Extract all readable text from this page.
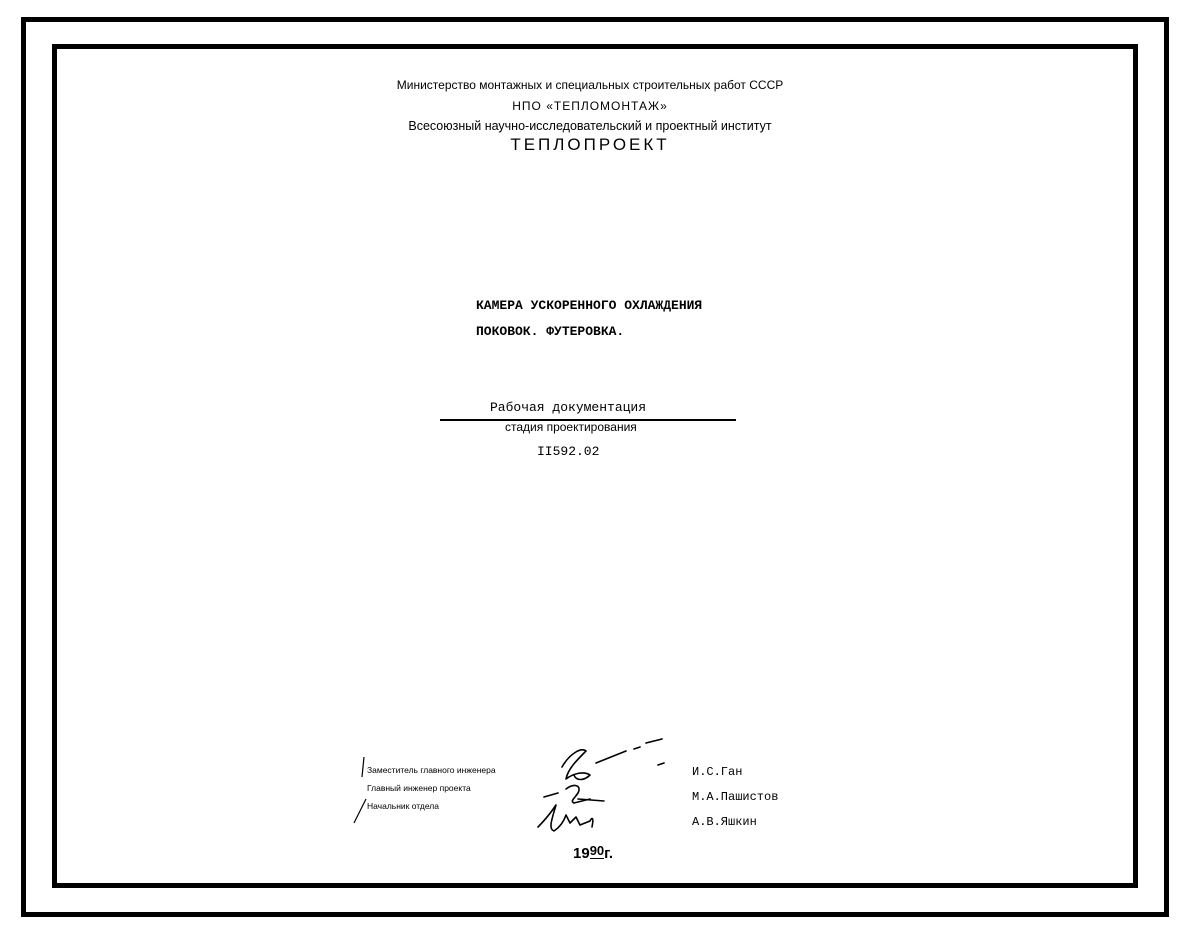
Министерство монтажных и специальных строительных работ СССР
НПО «ТЕПЛОМОНТАЖ»
Всесоюзный научно-исследовательский и проектный институт
ТЕПЛОПРОЕКТ
КАМЕРА УСКОРЕННОГО ОХЛАЖДЕНИЯ
ПОКОВОК. ФУТЕРОВКА.
Рабочая документация
стадия проектирования
II592.02
Заместитель главного инженера
Главный инженер проекта
Начальник отдела
И.С.Ган
М.А.Пашистов
А.В.Яшкин
1990г.
